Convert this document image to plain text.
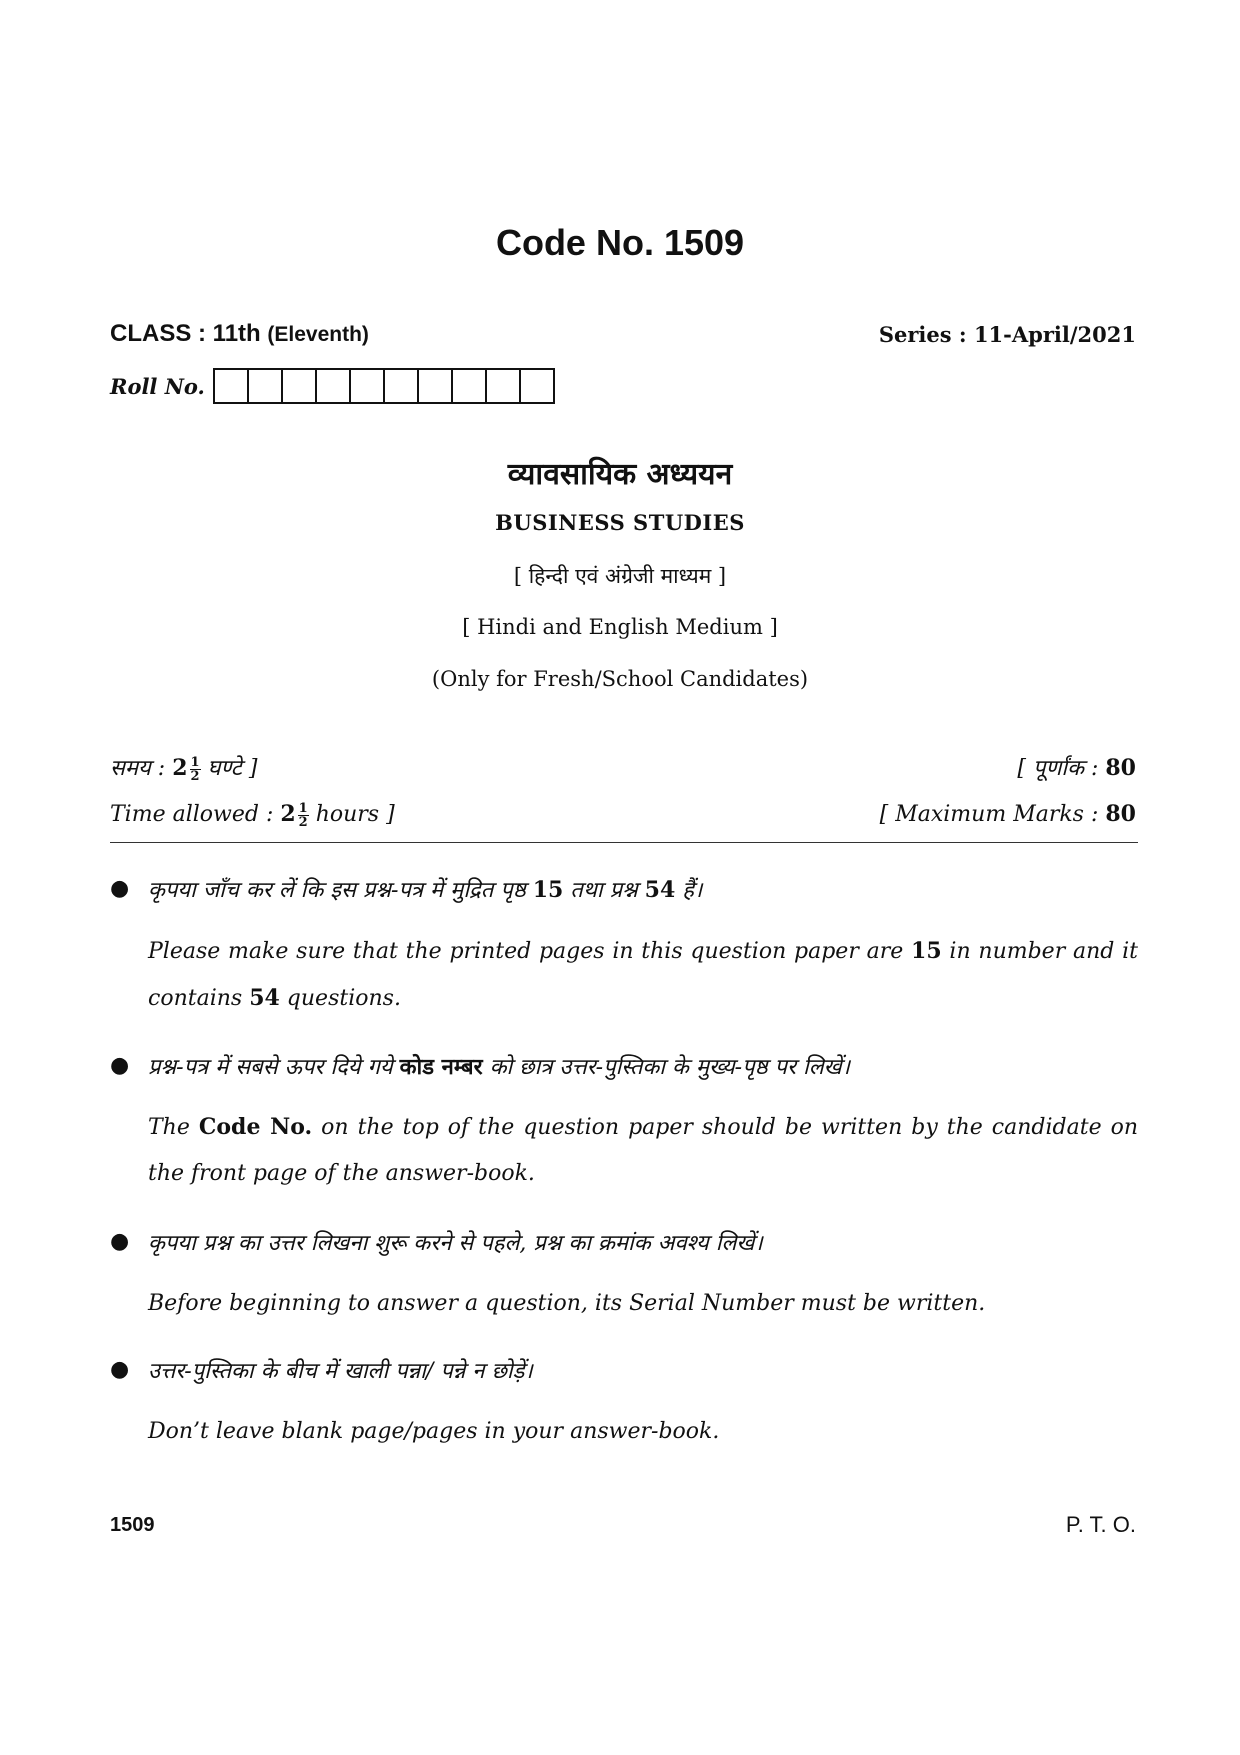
Code No. 1509
CLASS : 11th (Eleventh)	Series : 11-April/2021
Roll No.
व्यावसायिक अध्ययन
BUSINESS STUDIES
[ हिन्दी एवं अंग्रेजी माध्यम ]
[ Hindi and English Medium ]
(Only for Fresh/School Candidates)
समय : $2 \frac{1}{2}$ घण्टे ]	[ पूर्णांक : 80
Time allowed : $2 \frac{1}{2}$ hours ]	[ Maximum Marks : 80
● कृपया जाँच कर लें कि इस प्रश्न-पत्र में मुद्रित पृष्ठ 15 तथा प्रश्न 54 हैं।
Please make sure that the printed pages in this question paper are 15 in number and it contains 54 questions.
● प्रश्न-पत्र में सबसे ऊपर दिये गये कोड नम्बर को छात्र उत्तर-पुस्तिका के मुख्य-पृष्ठ पर लिखें।
The Code No. on the top of the question paper should be written by the candidate on the front page of the answer-book.
● कृपया प्रश्न का उत्तर लिखना शुरू करने से पहले, प्रश्न का क्रमांक अवश्य लिखें।
Before beginning to answer a question, its Serial Number must be written.
● उत्तर-पुस्तिका के बीच में खाली पन्ना/ पन्ने न छोड़ें।
Don’t leave blank page/pages in your answer-book.
1509	P. T. O.
